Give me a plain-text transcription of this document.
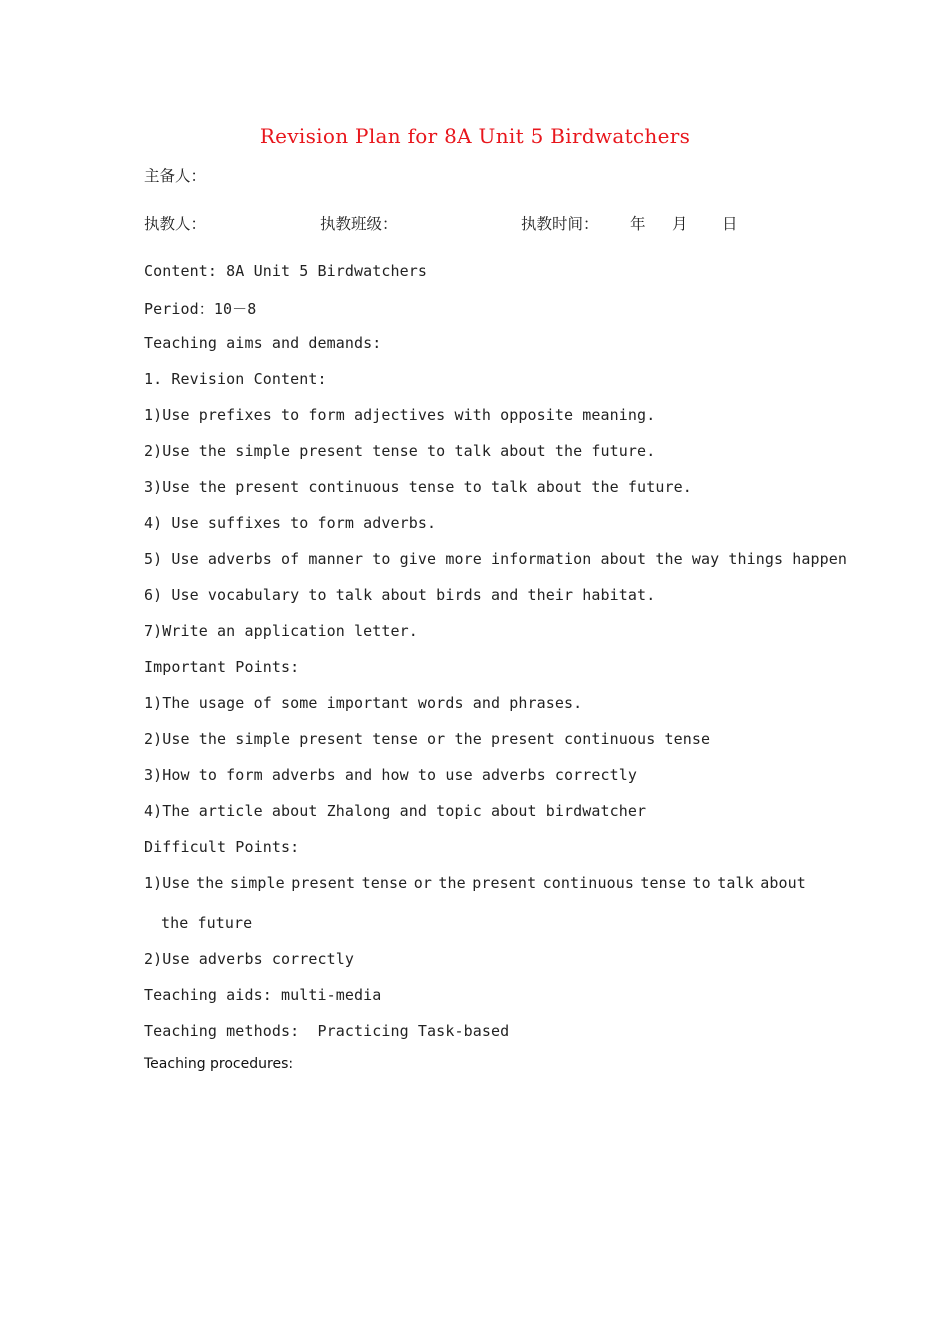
Revision Plan for 8A Unit 5 Birdwatchers
主备人：
执教人：	执教班级：	执教时间： 年 月 日
Content: 8A Unit 5 Birdwatchers
Period：10－8
Teaching aims and demands:
1. Revision Content:
1)Use prefixes to form adjectives with opposite meaning.
2)Use the simple present tense to talk about the future.
3)Use the present continuous tense to talk about the future.
4) Use suffixes to form adverbs.
5) Use adverbs of manner to give more information about the way things happen
6) Use vocabulary to talk about birds and their habitat.
7)Write an application letter.
Important Points:
1)The usage of some important words and phrases.
2)Use the simple present tense or the present continuous tense
3)How to form adverbs and how to use adverbs correctly
4)The article about Zhalong and topic about birdwatcher
Difficult Points:
1)Use the simple present tense or the present continuous tense to talk about
the future
2)Use adverbs correctly
Teaching aids: multi-media
Teaching methods:  Practicing Task-based
Teaching procedures:
